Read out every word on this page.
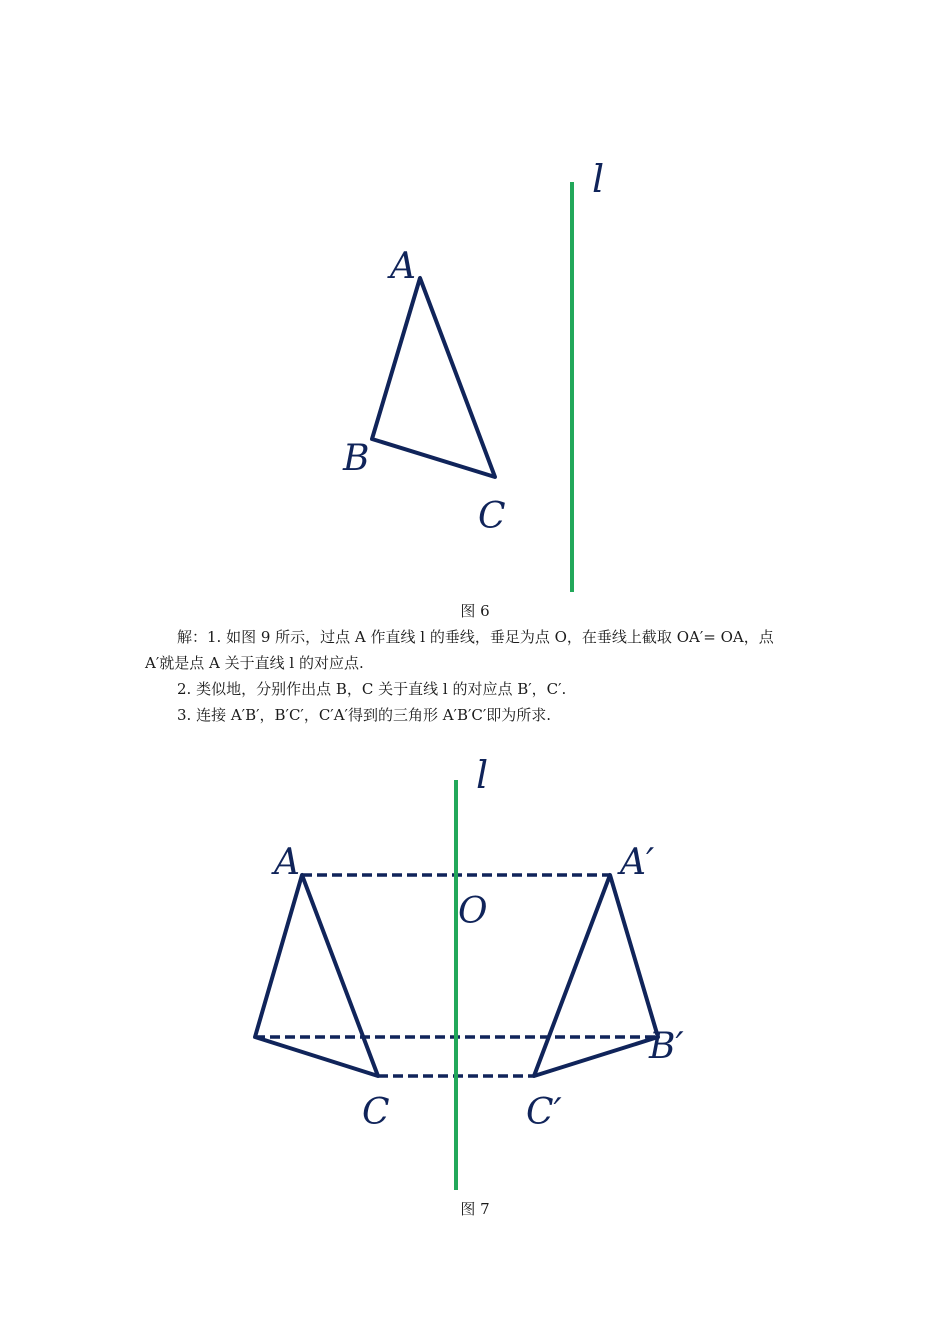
l
A
B
C
图 6

解：1. 如图 9 所示，过点 A 作直线 l 的垂线，垂足为点 O，在垂线上截取 OA′= OA，点

A′就是点 A 关于直线 l 的对应点.

2. 类似地，分别作出点 B，C 关于直线 l 的对应点 B′，C′.

3. 连接 A′B′，B′C′，C′A′得到的三角形 A′B′C′即为所求.

l
A	A′
O
B′
C	C′
图 7
